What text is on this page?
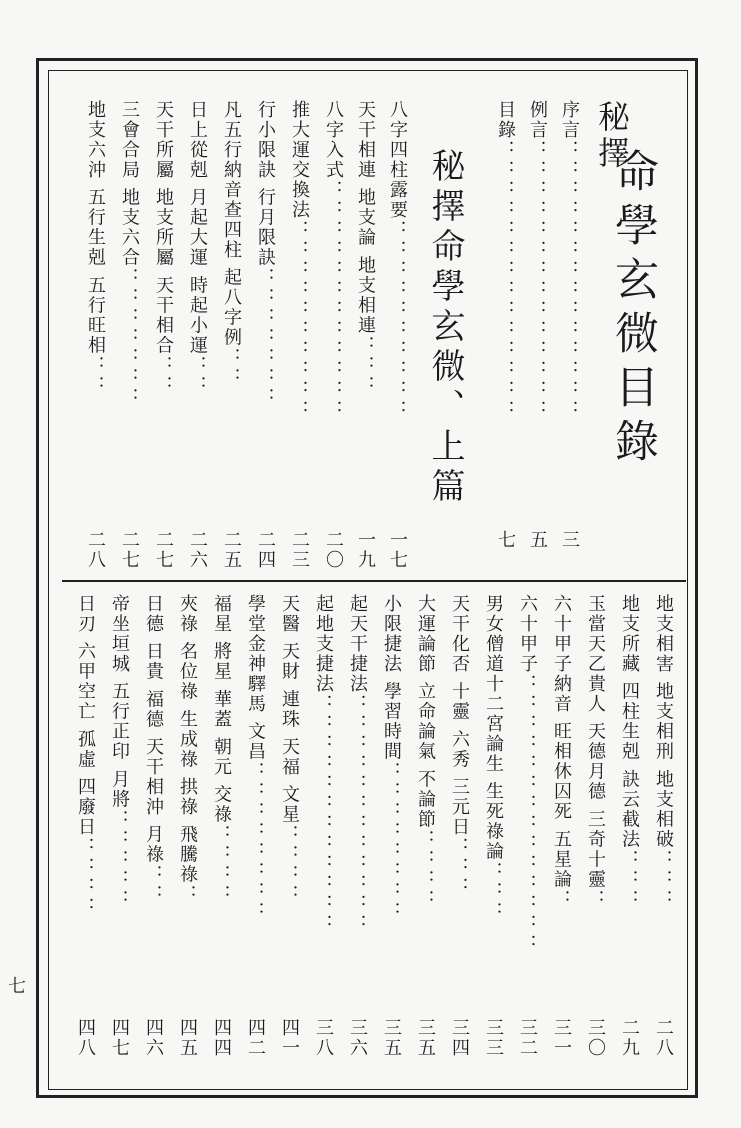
秘擇
命學玄微目錄
秘擇命學玄微、上篇	序言：：：：：：：：：：：：：：
三
例言：：：：：：：：：：：：：：
五
目錄：：：：：：：：：：：：：：
七
八字四柱露要：：：：：：：：：：
一七
天干相連 地支論 地支相連：：：
一九
八字入式：：：：：：：：：：：：
二〇
推大運交換法：：：：：：：：：：
二三
行小限訣 行月限訣：：：：：：：
二四
凡五行納音查四柱 起八字例：：
二五
日上從剋 月起大運 時起小運：：
二六
天干所屬 地支所屬 天干相合：：
二七
三會合局 地支六合：：：：：：：
二七
地支六沖 五行生剋 五行旺相：：
二八
地支相害 地支相刑 地支相破：：：
二八
地支所藏 四柱生剋 訣云截法：：：
二九
玉當天乙貴人 天德月德 三奇十靈：
三〇
六十甲子納音 旺相休囚死 五星論：
三一
六十甲子：：：：：：：：：：：：：：
三二
男女僧道十二宮論生 生死祿論：：：
三三
天干化否 十靈 六秀 三元日：：：
三四
大運論節 立命論氣 不論節：：：：
三五
小限捷法 學習時間：：：：：：：：
三五
起天干捷法：：：：：：：：：：：：
三六
起地支捷法：：：：：：：：：：：：
三八
天醫 天財 連珠 天福 文星：：：：
四一
學堂金神驛馬 文昌：：：：：：：：
四二
福星 將星 華蓋 朝元 交祿：：：：
四四
夾祿 名位祿 生成祿 拱祿 飛騰祿：
四五
日德 日貴 福德 天干相沖 月祿：：
四六
帝坐垣城 五行正印 月將：：：：：
四七
日刃 六甲空亡 孤虛 四廢日：：：：
四八
七
